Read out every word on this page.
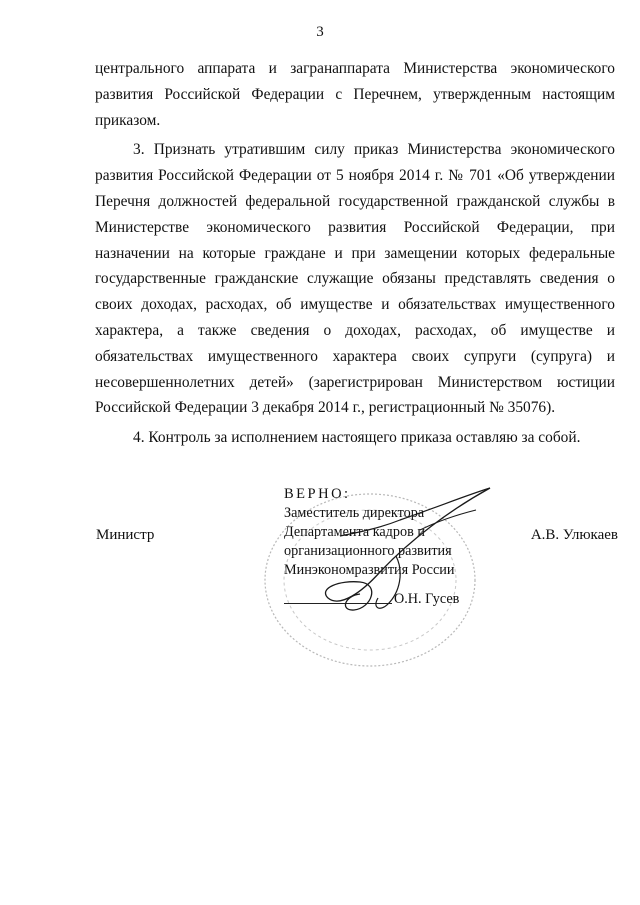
3

центрального аппарата и загранаппарата Министерства экономического развития Российской Федерации с Перечнем, утвержденным настоящим приказом.

3. Признать утратившим силу приказ Министерства экономического развития Российской Федерации от 5 ноября 2014 г. № 701 «Об утверждении Перечня должностей федеральной государственной гражданской службы в Министерстве экономического развития Российской Федерации, при назначении на которые граждане и при замещении которых федеральные государственные гражданские служащие обязаны представлять сведения о своих доходах, расходах, об имуществе и обязательствах имущественного характера, а также сведения о доходах, расходах, об имуществе и обязательствах имущественного характера своих супруги (супруга) и несовершеннолетних детей» (зарегистрирован Министерством юстиции Российской Федерации 3 декабря 2014 г., регистрационный № 35076).

4. Контроль за исполнением настоящего приказа оставляю за собой.

Министр	А.В. Улюкаев
ВЕРНО:
Заместитель директора
Департамента кадров и
организационного развития
Минэкономразвития России
О.Н. Гусев
